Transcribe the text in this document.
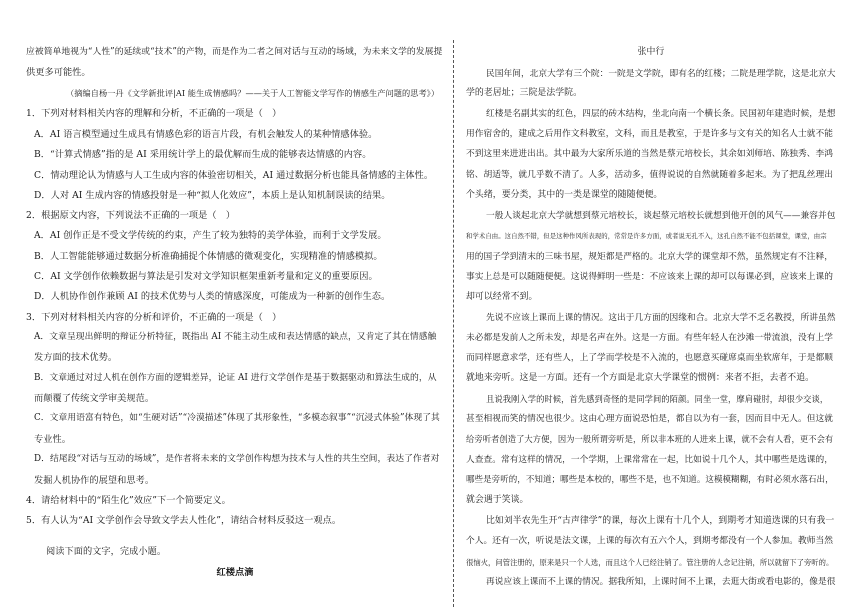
应被简单地视为“人性”的延续或“技术”的产物，而是作为二者之间对话与互动的场域，为未来文学的发展提
供更多可能性。
（摘编自杨一丹《文学新批评|AI 能生成情感吗？——关于人工智能文学写作的情感生产问题的思考》）
1．下列对材料相关内容的理解和分析，不正确的一项是（　）
A．AI 语言模型通过生成具有情感色彩的语言片段，有机会触发人的某种情感体验。
B．“计算式情感”指的是 AI 采用统计学上的最优解而生成的能够表达情感的内容。
C．情动理论认为情感与人工生成内容的体验密切相关，AI 通过数据分析也能具备情感的主体性。
D．人对 AI 生成内容的情感投射是一种“拟人化效应”，本质上是认知机制误读的结果。
2．根据原文内容，下列说法不正确的一项是（　）
A．AI 创作正是不受文学传统的约束，产生了较为独特的美学体验，而利于文学发展。
B．人工智能能够通过数据分析准确捕捉个体情感的微观变化，实现精准的情感模拟。
C．AI 文学创作依赖数据与算法是引发对文学知识框架重新考量和定义的重要原因。
D．人机协作创作兼顾 AI 的技术优势与人类的情感深度，可能成为一种新的创作生态。
3．下列对材料相关内容的分析和评价，不正确的一项是（　）
A．文章呈现出鲜明的辩证分析特征，既指出 AI 不能主动生成和表达情感的缺点，又肯定了其在情感触
发方面的技术优势。
B．文章通过对过人机在创作方面的逻辑差异，论证 AI 进行文学创作是基于数据驱动和算法生成的，从
而颠覆了传统文学审美规范。
C．文章用语富有特色，如“生硬对话”“冷漠描述”体现了其形象性，“多模态叙事”“沉浸式体验”体现了其
专业性。
D．结尾段“对话与互动的场域”，是作者将未来的文学创作构想为技术与人性的共生空间，表达了作者对
发掘人机协作的展望和思考。
4．请给材料中的“陌生化”效应”下一个简要定义。
5．有人认为“AI 文学创作会导致文学去人性化”，请结合材料反驳这一观点。
阅读下面的文字，完成小题。
红楼点滴
张中行
民国年间，北京大学有三个院：一院是文学院，即有名的红楼；二院是理学院，这是北京大
学的老居址；三院是法学院。
红楼是名副其实的红色，四层的砖木结构，坐北向南一个横长条。民国初年建造时候，是想
用作宿舍的，建成之后用作文科教室，文科，而且是教室，于是许多与文有关的知名人士就不能
不到这里来进进出出。其中最为大家所乐道的当然是蔡元培校长，其余如刘师培、陈独秀、李鸿
铭、胡适等，就几乎数不清了。人多，活动多，值得说说的自然就随着多起来。为了把乱丝理出
个头绪，要分类，其中的一类是课堂的随随便便。
一般人谈起北京大学就想到蔡元培校长，谈起蔡元培校长就想到他开创的风气——兼容并包
和学术自由。这自然不错，但是这种作风所表现的，常常是许多方面，或者说无孔不入，这孔自然不能不包括课堂，课堂，由宗
用的国子学到清末的三味书屋，规矩都是严格的。北京大学的课堂却不然，虽然规定有不注释，
事实上总是可以随随便便。这说得鲜明一些是：不应该来上课的却可以每课必到，应该来上课的
却可以经常不到。
先说不应该上课而上课的情况。这出于几方面的因缘和合。北京大学不乏名教授，所讲虽然
未必都是发前人之所未发，却是名声在外。这是一方面。有些年轻人在沙滩一带流浪，没有上学
而同样愿意求学，还有些人，上了学而学校是不入流的，也愿意买碰席桌而坐软席年，于是都顺
就地来旁听。这是一方面。还有一个方面是北京大学课堂的惯例：来者不拒，去者不追。
且说我刚入学的时候，首先感到奇怪的是同学间的陌颜。同坐一堂，摩肩碰肘，却很少交谈，
甚至相视而笑的情况也很少。这由心理方面说恐怕是，都自以为有一套，因而目中无人。但这就
给旁听者创造了大方便，因为一般所谓旁听是，所以非本班的人进来上课，就不会有人看，更不会有
人查查。常有这样的情况，一个学期，上课常常在一起，比如说十几个人，其中哪些是选课的，
哪些是旁听的，不知道；哪些是本校的，哪些不是，也不知道。这模模糊糊，有时必须水落石出，
就会遇于笑谈。
比如刘半农先生开“古声律学”的课，每次上课有十几个人，到期考才知道选课的只有我一
个人。还有一次，听说是法文课，上课的每次有五六个人，到期考都没有一个人参加。教师当然
很恼火，问管注册的，原来是只一个人选，而且这个人已经注销了。管注册的人念记注销，所以就留下了旁听的。
再说应该上课而不上课的情况。据我所知，上课时间不上课，去逛大街或看电影的，像是很
